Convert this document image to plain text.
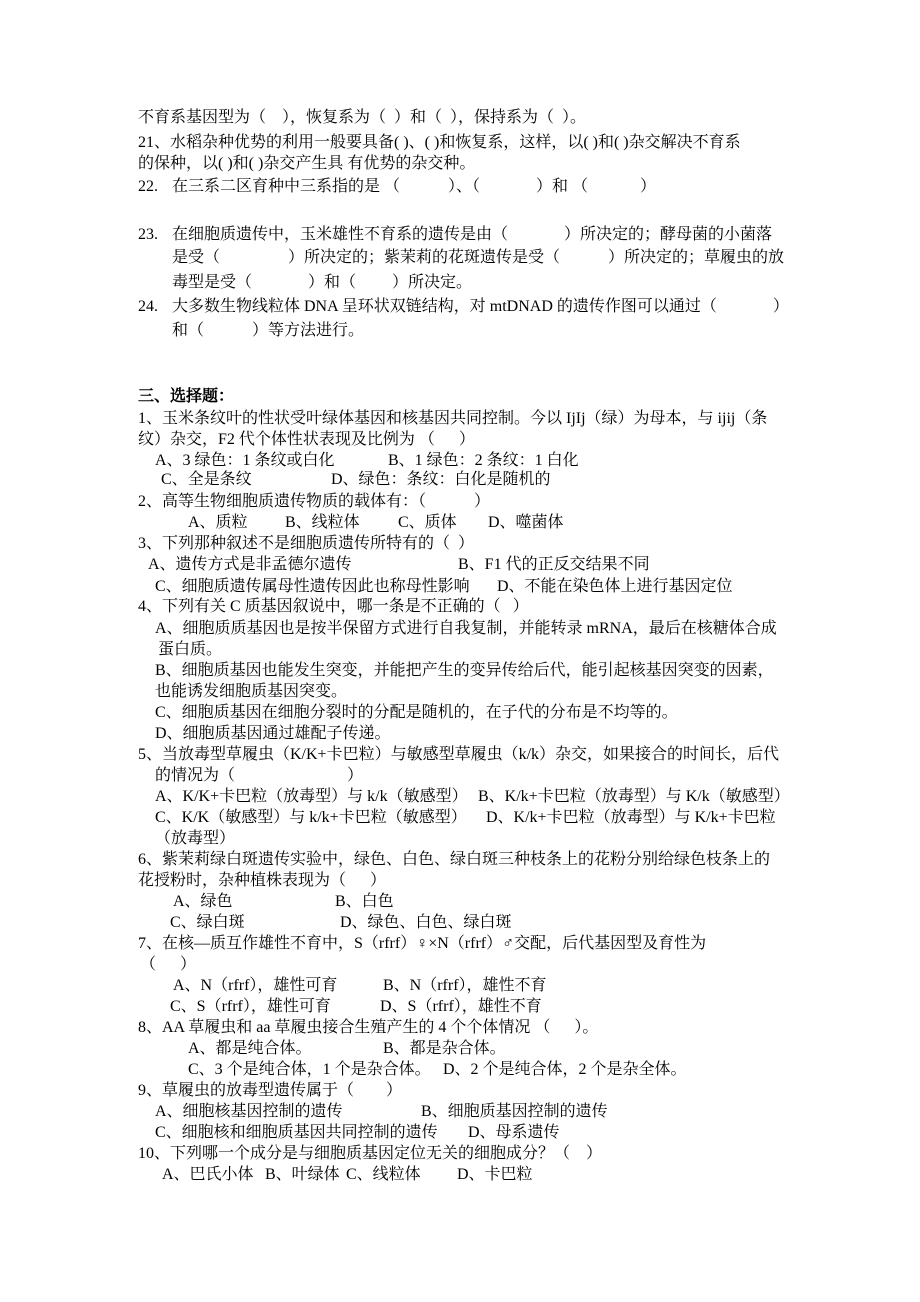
不育系基因型为（    ），恢复系为（  ）和（  ），保持系为（  ）。
21、水稻杂种优势的利用一般要具备( )、( )和恢复系，这样，以( )和( )杂交解决不育系
的保种，以( )和( )杂交产生具 有优势的杂交种。
22. 在三系二区育种中三系指的是 （            ）、（              ）和 （             ）
23. 在细胞质遗传中，玉米雄性不育系的遗传是由（              ）所决定的；酵母菌的小菌落
是受（                 ）所决定的；紫茉莉的花斑遗传是受（            ）所决定的；草履虫的放
毒型是受（              ）和（         ）所决定。
24. 大多数生物线粒体 DNA 呈环状双链结构，对 mtDNAD 的遗传作图可以通过（              ）
和（            ）等方法进行。
三、选择题：
1、玉米条纹叶的性状受叶绿体基因和核基因共同控制。今以 IjIj（绿）为母本，与 ijij（条
纹）杂交，F2 代个体性状表现及比例为 （      ）
A、3 绿色：1 条纹或白化	B、1 绿色：2 条纹：1 白化
C、全是条纹	D、绿色：条纹：白化是随机的
2、高等生物细胞质遗传物质的载体有：（            ）
A、质粒 B、线粒体 C、质体 D、噬菌体
3、下列那种叙述不是细胞质遗传所特有的（  ）
A、遗传方式是非孟德尔遗传	B、F1 代的正反交结果不同
C、细胞质遗传属母性遗传因此也称母性影响 D、不能在染色体上进行基因定位
4、下列有关 C 质基因叙说中，哪一条是不正确的（   ）
A、细胞质质基因也是按半保留方式进行自我复制，并能转录 mRNA，最后在核糖体合成
蛋白质。
B、细胞质基因也能发生突变，并能把产生的变异传给后代，能引起核基因突变的因素，
也能诱发细胞质基因突变。
C、细胞质基因在细胞分裂时的分配是随机的，在子代的分布是不均等的。
D、细胞质基因通过雄配子传递。
5、当放毒型草履虫（K/K+卡巴粒）与敏感型草履虫（k/k）杂交，如果接合的时间长，后代
的情况为（                            ）
A、K/K+卡巴粒（放毒型）与 k/k（敏感型） B、K/k+卡巴粒（放毒型）与 K/k（敏感型）
C、K/K（敏感型）与 k/k+卡巴粒（敏感型） D、K/k+卡巴粒（放毒型）与 K/k+卡巴粒
（放毒型）
6、紫茉莉绿白斑遗传实验中，绿色、白色、绿白斑三种枝条上的花粉分别给绿色枝条上的
花授粉时，杂种植株表现为（      ）
A、绿色	B、白色
C、绿白斑	D、绿色、白色、绿白斑
7、在核—质互作雄性不育中，S（rfrf）♀×N（rfrf）♂交配，后代基因型及育性为
（      ）
A、N（rfrf），雄性可育	B、N（rfrf），雄性不育
C、S（rfrf），雄性可育	D、S（rfrf），雄性不育
8、AA 草履虫和 aa 草履虫接合生殖产生的 4 个个体情况 （      ）。
A、都是纯合体。	B、都是杂合体。
C、3 个是纯合体，1 个是杂合体。 D、2 个是纯合体，2 个是杂全体。
9、草履虫的放毒型遗传属于（        ）
A、细胞核基因控制的遗传	B、细胞质基因控制的遗传
C、细胞核和细胞质基因共同控制的遗传 D、母系遗传
10、下列哪一个成分是与细胞质基因定位无关的细胞成分？（    ）
A、巴氏小体 B、叶绿体 C、线粒体 D、卡巴粒
